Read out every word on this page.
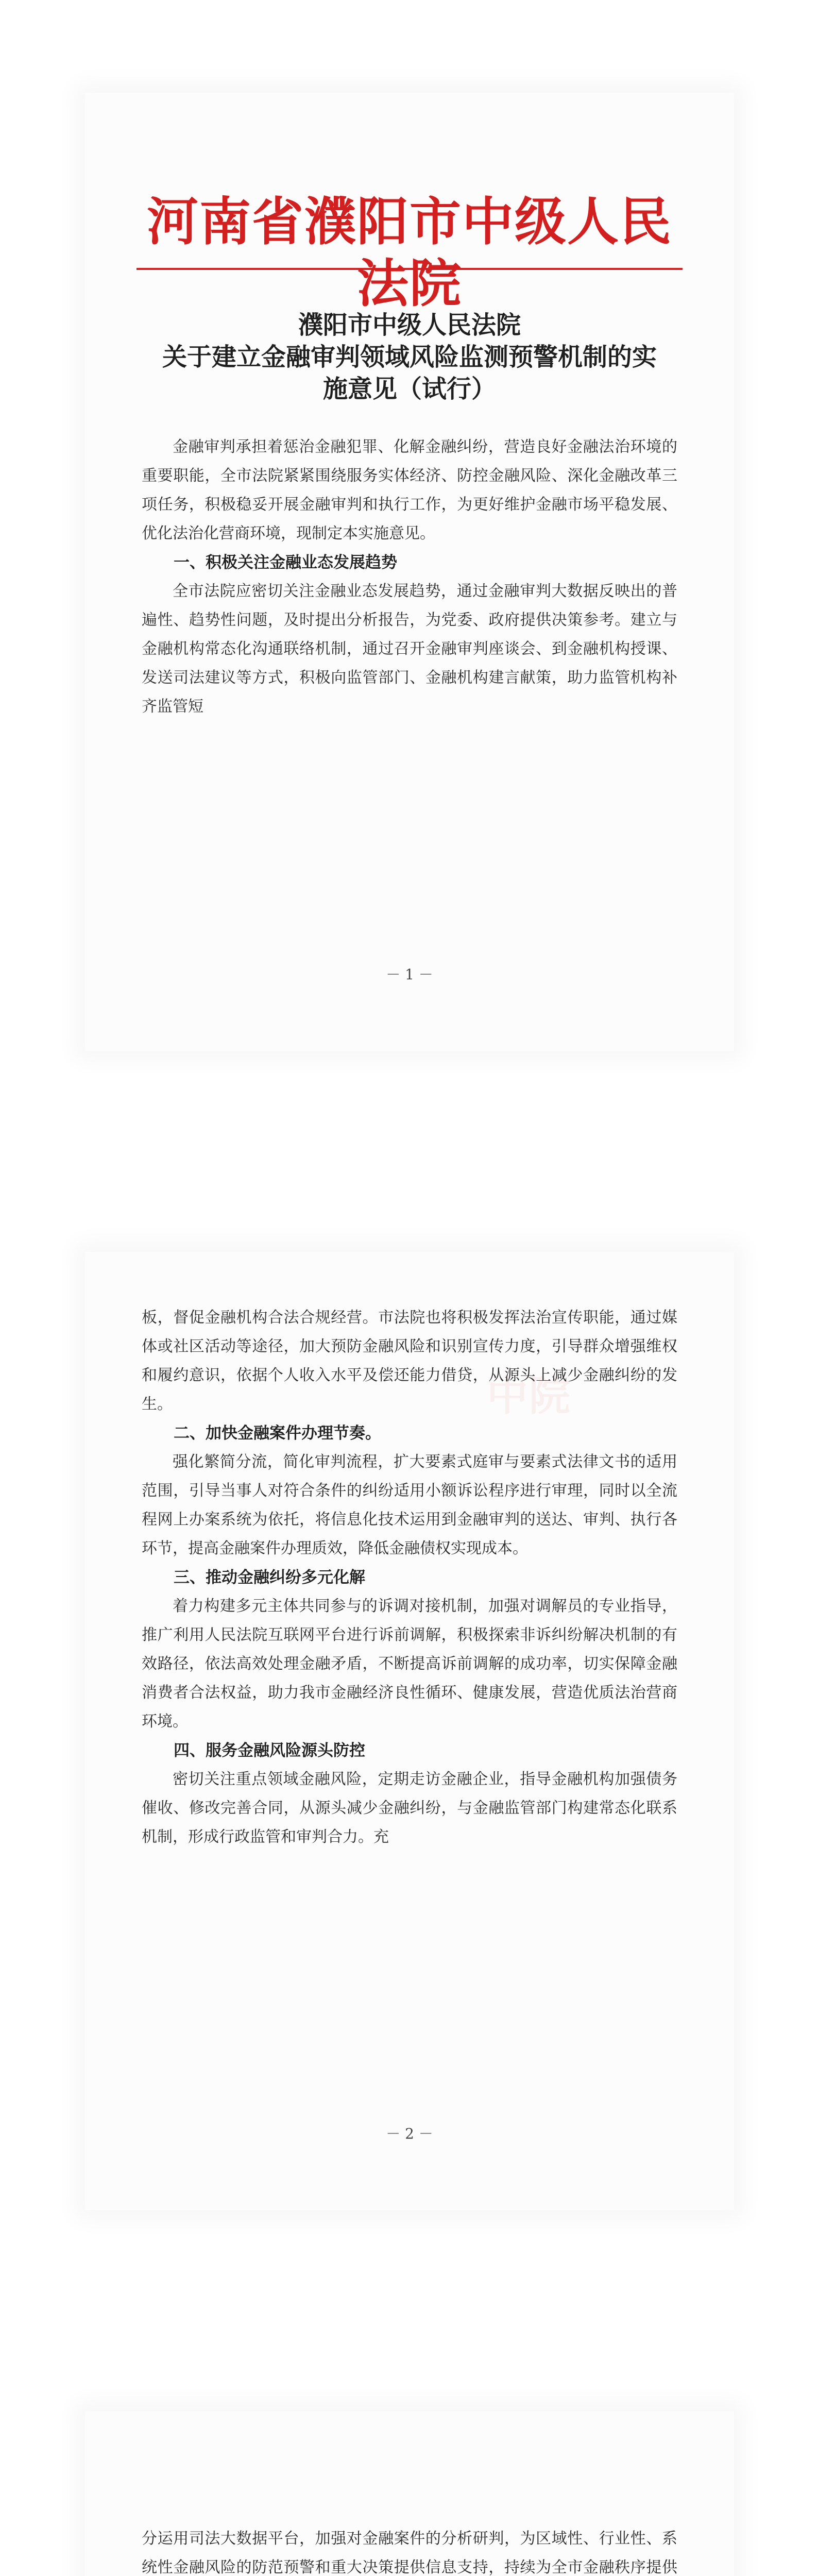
河南省濮阳市中级人民法院
濮阳市中级人民法院
关于建立金融审判领域风险监测预警机制的实
施意见（试行）

金融审判承担着惩治金融犯罪、化解金融纠纷，营造良好金融法治环境的重要职能，全市法院紧紧围绕服务实体经济、防控金融风险、深化金融改革三项任务，积极稳妥开展金融审判和执行工作，为更好维护金融市场平稳发展、优化法治化营商环境，现制定本实施意见。

一、积极关注金融业态发展趋势

全市法院应密切关注金融业态发展趋势，通过金融审判大数据反映出的普遍性、趋势性问题，及时提出分析报告，为党委、政府提供决策参考。建立与金融机构常态化沟通联络机制，通过召开金融审判座谈会、到金融机构授课、发送司法建议等方式，积极向监管部门、金融机构建言献策，助力监管机构补齐监管短

－ 1 －
中院

板，督促金融机构合法合规经营。市法院也将积极发挥法治宣传职能，通过媒体或社区活动等途径，加大预防金融风险和识别宣传力度，引导群众增强维权和履约意识，依据个人收入水平及偿还能力借贷，从源头上减少金融纠纷的发生。

二、加快金融案件办理节奏。

强化繁简分流，简化审判流程，扩大要素式庭审与要素式法律文书的适用范围，引导当事人对符合条件的纠纷适用小额诉讼程序进行审理，同时以全流程网上办案系统为依托，将信息化技术运用到金融审判的送达、审判、执行各环节，提高金融案件办理质效，降低金融债权实现成本。

三、推动金融纠纷多元化解

着力构建多元主体共同参与的诉调对接机制，加强对调解员的专业指导，推广利用人民法院互联网平台进行诉前调解，积极探索非诉纠纷解决机制的有效路径，依法高效处理金融矛盾，不断提高诉前调解的成功率，切实保障金融消费者合法权益，助力我市金融经济良性循环、健康发展，营造优质法治营商环境。

四、服务金融风险源头防控

密切关注重点领域金融风险，定期走访金融企业，指导金融机构加强债务催收、修改完善合同，从源头减少金融纠纷，与金融监管部门构建常态化联系机制，形成行政监管和审判合力。充

－ 2 －

分运用司法大数据平台，加强对金融案件的分析研判，为区域性、行业性、系统性金融风险的防范预警和重大决策提供信息支持，持续为全市金融秩序提供
